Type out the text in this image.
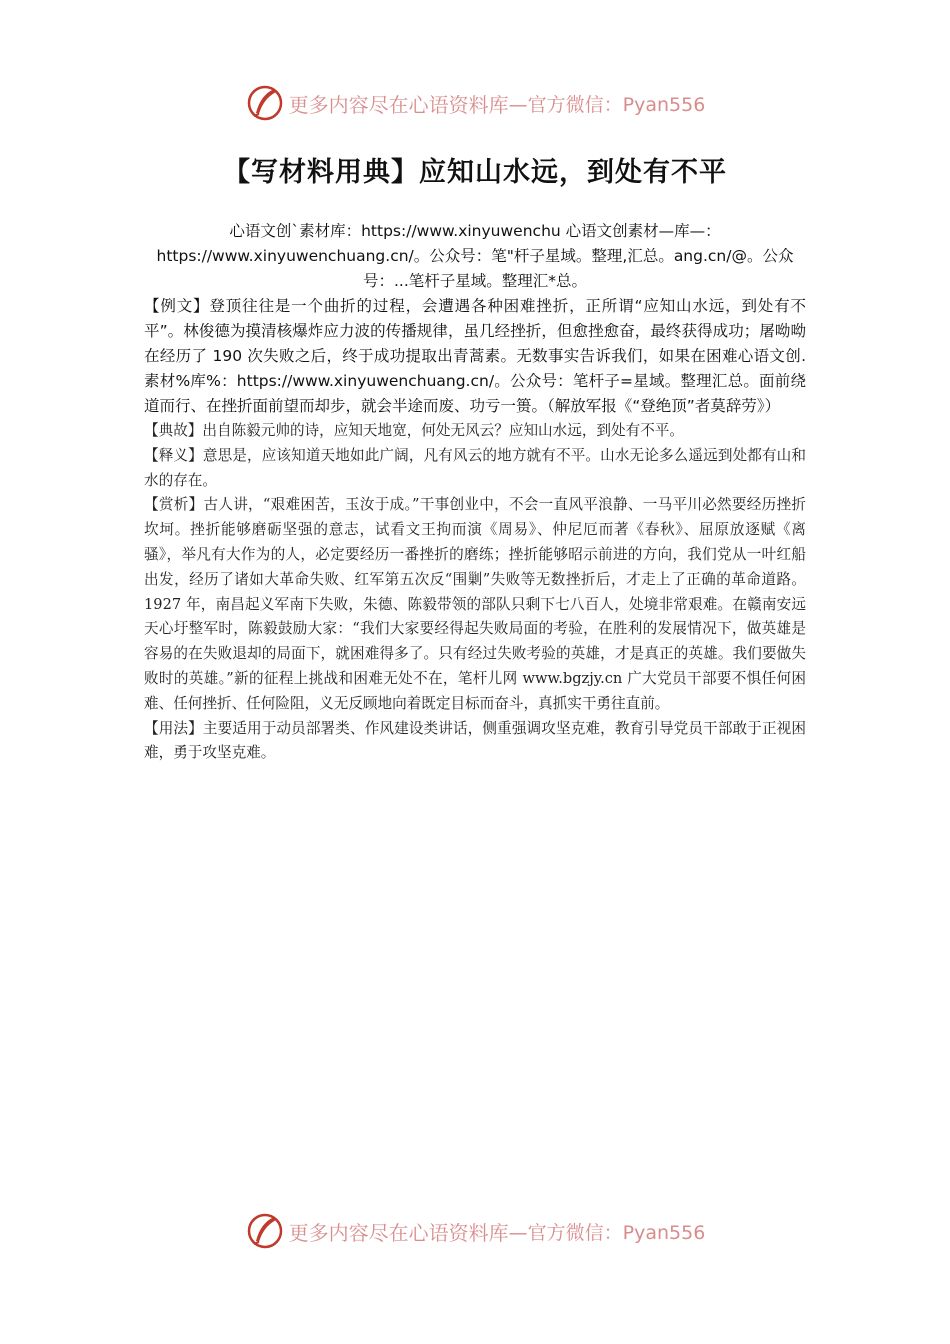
更多内容尽在心语资料库 —官方微信：Pyan556
【写材料用典】应知山水远，到处有不平
心语文创`素材库：https://www.xinyuwenchu 心语文创素材—库—：https://www.xinyuwenchuang.cn/。公众号：笔"杆子星域。整理,汇总。ang.cn/@。公众号：...笔杆子星域。整理汇*总。

【例文】登顶往往是一个曲折的过程，会遭遇各种困难挫折，正所谓“应知山水远，到处有不平”。林俊德为摸清核爆炸应力波的传播规律，虽几经挫折，但愈挫愈奋，最终获得成功；屠呦呦在经历了 190 次失败之后，终于成功提取出青蒿素。无数事实告诉我们，如果在困难心语文创.素材%库%：https://www.xinyuwenchuang.cn/。公众号：笔杆子=星域。整理汇总。面前绕道而行、在挫折面前望而却步，就会半途而废、功亏一篑。（解放军报《“登绝顶”者莫辞劳》）

【典故】出自陈毅元帅的诗，应知天地宽，何处无风云？应知山水远，到处有不平。

【释义】意思是，应该知道天地如此广阔，凡有风云的地方就有不平。山水无论多么遥远到处都有山和水的存在。

【赏析】古人讲，“艰难困苦，玉汝于成。”干事创业中，不会一直风平浪静、一马平川必然要经历挫折坎坷。挫折能够磨砺坚强的意志，试看文王拘而演《周易》、仲尼厄而著《春秋》、屈原放逐赋《离骚》，举凡有大作为的人，必定要经历一番挫折的磨练；挫折能够昭示前进的方向，我们党从一叶红船出发，经历了诸如大革命失败、红军第五次反“围剿”失败等无数挫折后，才走上了正确的革命道路。1927 年，南昌起义军南下失败，朱德、陈毅带领的部队只剩下七八百人，处境非常艰难。在赣南安远天心圩整军时，陈毅鼓励大家：“我们大家要经得起失败局面的考验，在胜利的发展情况下，做英雄是容易的在失败退却的局面下，就困难得多了。只有经过失败考验的英雄，才是真正的英雄。我们要做失败时的英雄。”新的征程上挑战和困难无处不在，笔杆儿网 www.bgzjy.cn 广大党员干部要不惧任何困难、任何挫折、任何险阻，义无反顾地向着既定目标而奋斗，真抓实干勇往直前。

【用法】主要适用于动员部署类、作风建设类讲话，侧重强调攻坚克难，教育引导党员干部敢于正视困难，勇于攻坚克难。

更多内容尽在心语资料库 —官方微信：Pyan556
